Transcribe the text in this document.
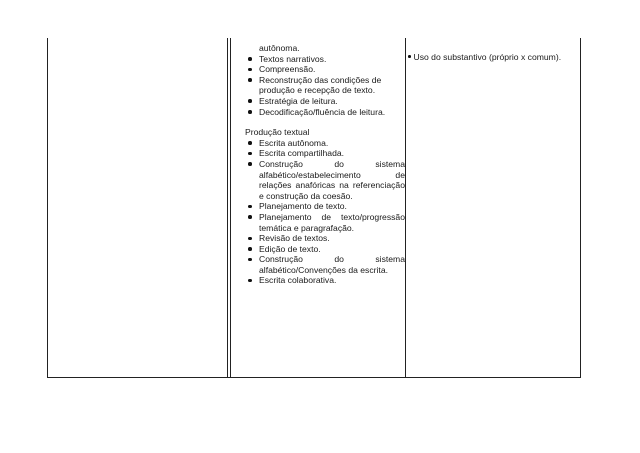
autônoma.
Textos narrativos.
Compreensão.
Reconstrução das condições de produção e recepção de texto.
Estratégia de leitura.
Decodificação/fluência de leitura.
Produção textual
Escrita autônoma.
Escrita compartilhada.
Construção do sistema alfabético/estabelecimento de relações anafóricas na referenciação e construção da coesão.
Planejamento de texto.
Planejamento de texto/progressão temática e paragrafação.
Revisão de textos.
Edição de texto.
Construção do sistema alfabético/Convenções da escrita.
Escrita colaborativa.
Uso do substantivo (próprio x comum).
